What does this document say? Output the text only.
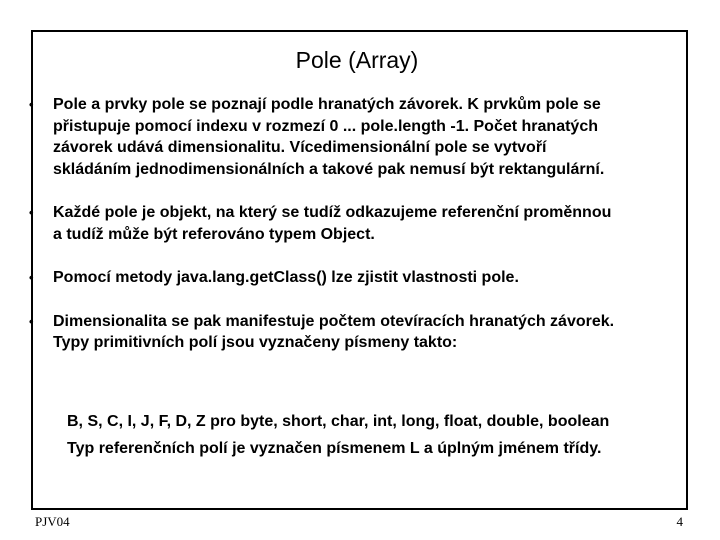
Pole (Array)
•	Pole a prvky pole se poznají podle hranatých závorek. K prvkům pole se
přistupuje pomocí indexu v rozmezí 0 ... pole.length -1. Počet hranatých
závorek udává dimensionalitu. Vícedimensionální pole se vytvoří
skládáním jednodimensionálních a takové pak nemusí být rektangulární.
•	Každé pole je objekt, na který se tudíž odkazujeme referenční proměnnou
a tudíž může být referováno typem Object.
•	Pomocí metody java.lang.getClass() lze zjistit vlastnosti pole.
•	Dimensionalita se pak manifestuje počtem otevíracích hranatých závorek.
Typy primitivních polí jsou vyznačeny písmeny takto:
B, S, C, I, J, F, D, Z pro byte, short, char, int, long, float, double, boolean
Typ referenčních polí je vyznačen písmenem L a úplným jménem třídy.
PJV04	4
